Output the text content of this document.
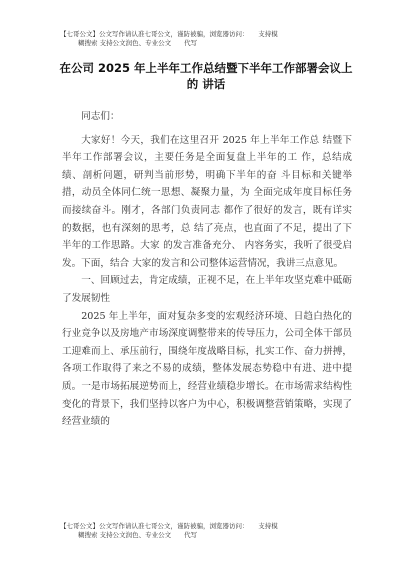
【七哥公文】公文写作请认准七哥公文，谨防被骗，浏览器访问：　　支持模
糊搜索 支持公文润色、专业公文　　代写
在公司 2025 年上半年工作总结暨下半年工作部署会议上的 讲话

同志们：

大家好！今天，我们在这里召开 2025 年上半年工作总 结暨下半年工作部署会议，主要任务是全面复盘上半年的工 作，总结成绩、剖析问题，研判当前形势，明确下半年的奋 斗目标和关键举措，动员全体同仁统一思想、凝聚力量，为 全面完成年度目标任务而接续奋斗。刚才，各部门负责同志 都作了很好的发言，既有详实的数据，也有深刻的思考，总 结了亮点，也直面了不足，提出了下半年的工作思路。大家 的发言准备充分、 内容务实，我听了很受启发。下面，结合 大家的发言和公司整体运营情况，我讲三点意见。

一、回顾过去，肯定成绩，正视不足，在上半年攻坚克难中砥砺了发展韧性

2025 年上半年，面对复杂多变的宏观经济环境、日趋白热化的行业竞争以及房地产市场深度调整带来的传导压力，公司全体干部员工迎难而上、承压前行，围绕年度战略目标，扎实工作、奋力拼搏，各项工作取得了来之不易的成绩，整体发展态势稳中有进、进中提质。一是市场拓展逆势而上，经营业绩稳步增长。在市场需求结构性变化的背景下，我们坚持以客户为中心，积极调整营销策略，实现了经营业绩的

【七哥公文】公文写作请认准七哥公文，谨防被骗，浏览器访问：　　支持模
糊搜索 支持公文润色、专业公文　　代写
